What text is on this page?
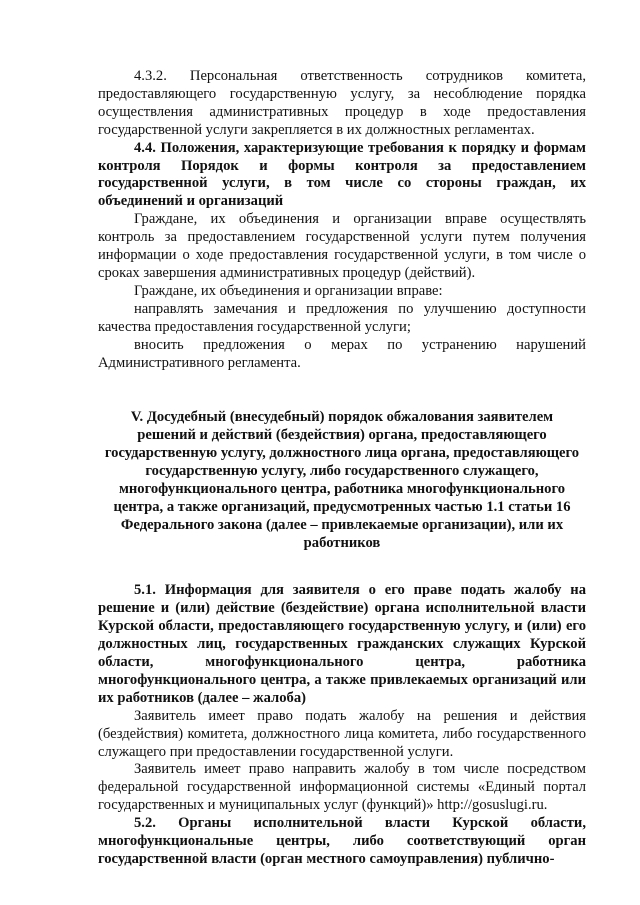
4.3.2. Персональная ответственность сотрудников комитета, предоставляющего государственную услугу, за несоблюдение порядка осуществления административных процедур в ходе предоставления государственной услуги закрепляется в их должностных регламентах.

4.4. Положения, характеризующие требования к порядку и формам контроля Порядок и формы контроля за предоставлением государственной услуги, в том числе со стороны граждан, их объединений и организаций

Граждане, их объединения и организации вправе осуществлять контроль за предоставлением государственной услуги путем получения информации о ходе предоставления государственной услуги, в том числе о сроках завершения административных процедур (действий).

Граждане, их объединения и организации вправе:

направлять замечания и предложения по улучшению доступности качества предоставления государственной услуги;

вносить предложения о мерах по устранению нарушений Административного регламента.

V. Досудебный (внесудебный) порядок обжалования заявителем решений и действий (бездействия) органа, предоставляющего государственную услугу, должностного лица органа, предоставляющего государственную услугу, либо государственного служащего, многофункционального центра, работника многофункционального центра, а также организаций, предусмотренных частью 1.1 статьи 16 Федерального закона (далее – привлекаемые организации), или их работников

5.1. Информация для заявителя о его праве подать жалобу на решение и (или) действие (бездействие) органа исполнительной власти Курской области, предоставляющего государственную услугу, и (или) его должностных лиц, государственных гражданских служащих Курской области, многофункционального центра, работника многофункционального центра, а также привлекаемых организаций или их работников (далее – жалоба)

Заявитель имеет право подать жалобу на решения и действия (бездействия) комитета, должностного лица комитета, либо государственного служащего при предоставлении государственной услуги.

Заявитель имеет право направить жалобу в том числе посредством федеральной государственной информационной системы «Единый портал государственных и муниципальных услуг (функций)» http://gosuslugi.ru.

5.2. Органы исполнительной власти Курской области, многофункциональные центры, либо соответствующий орган государственной власти (орган местного самоуправления) публично-
